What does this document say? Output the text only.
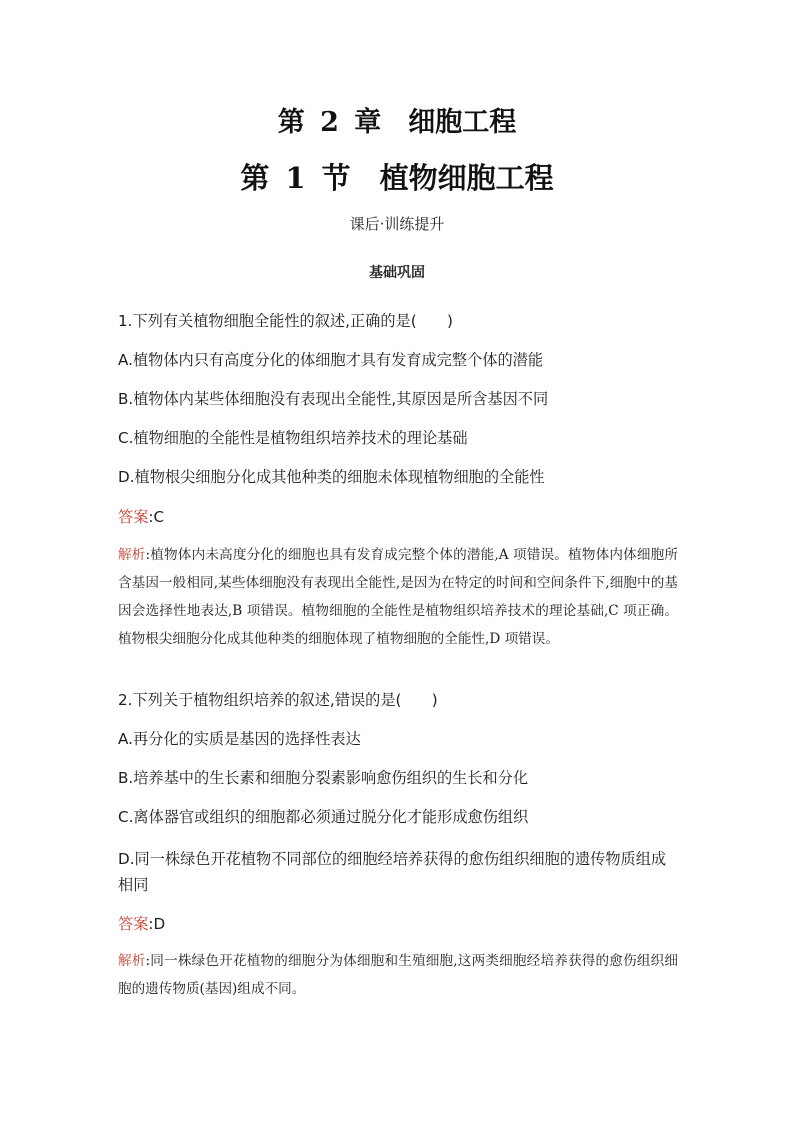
第 2 章　细胞工程
第 1 节　植物细胞工程
课后·训练提升
基础巩固
1.下列有关植物细胞全能性的叙述,正确的是(　　)
A.植物体内只有高度分化的体细胞才具有发育成完整个体的潜能
B.植物体内某些体细胞没有表现出全能性,其原因是所含基因不同
C.植物细胞的全能性是植物组织培养技术的理论基础
D.植物根尖细胞分化成其他种类的细胞未体现植物细胞的全能性
答案:C
解析:植物体内未高度分化的细胞也具有发育成完整个体的潜能,A 项错误。植物体内体细胞所含基因一般相同,某些体细胞没有表现出全能性,是因为在特定的时间和空间条件下,细胞中的基因会选择性地表达,B 项错误。植物细胞的全能性是植物组织培养技术的理论基础,C 项正确。植物根尖细胞分化成其他种类的细胞体现了植物细胞的全能性,D 项错误。
2.下列关于植物组织培养的叙述,错误的是(　　)
A.再分化的实质是基因的选择性表达
B.培养基中的生长素和细胞分裂素影响愈伤组织的生长和分化
C.离体器官或组织的细胞都必须通过脱分化才能形成愈伤组织
D.同一株绿色开花植物不同部位的细胞经培养获得的愈伤组织细胞的遗传物质组成相同
答案:D
解析:同一株绿色开花植物的细胞分为体细胞和生殖细胞,这两类细胞经培养获得的愈伤组织细胞的遗传物质(基因)组成不同。
